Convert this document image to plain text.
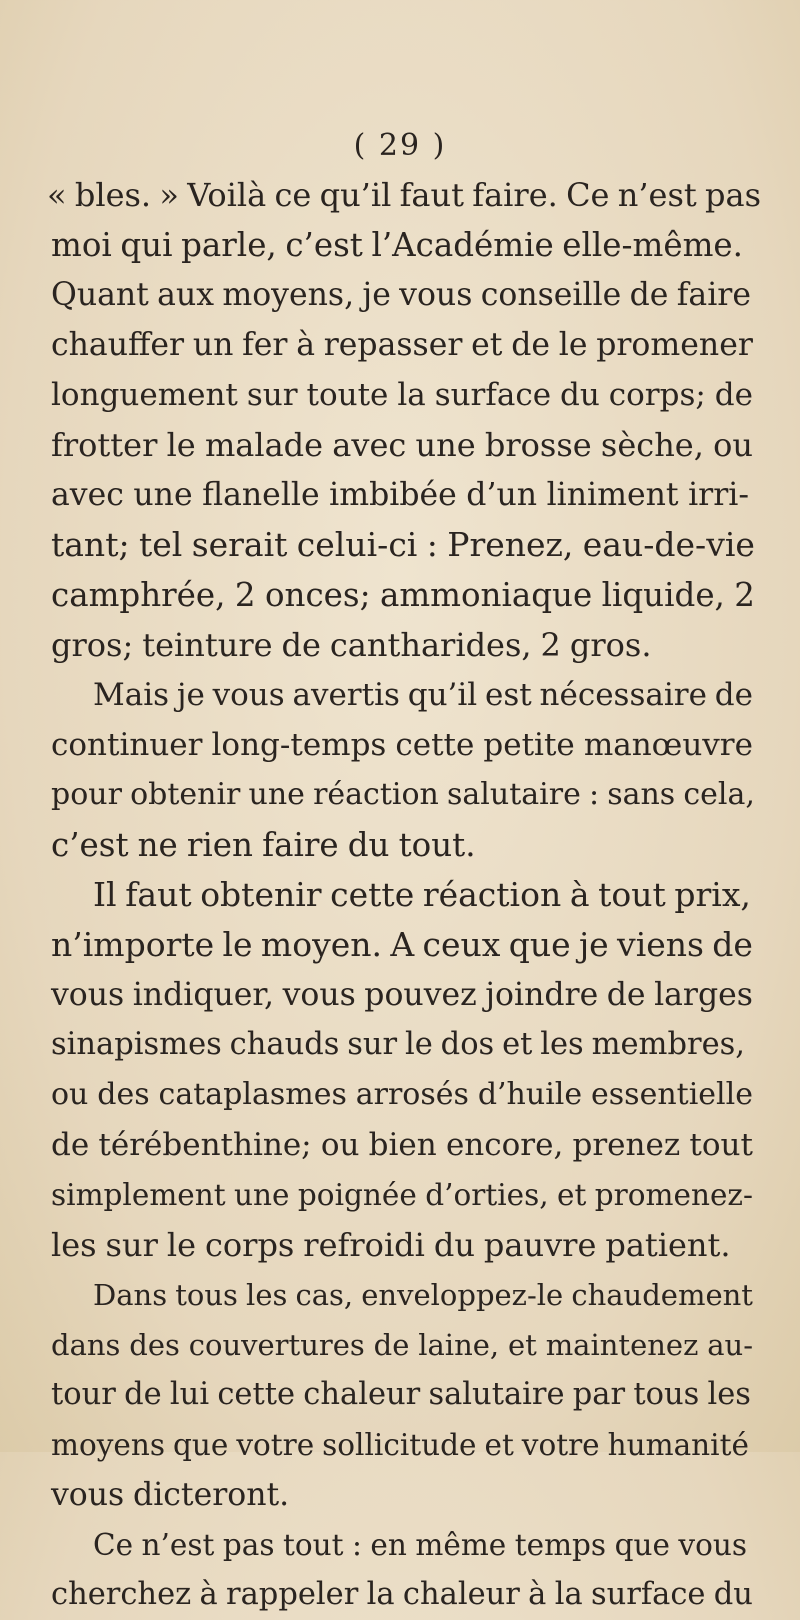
( 29 )
« bles. » Voilà ce qu’il faut faire. Ce n’est pas
moi qui parle, c’est l’Académie elle-même.
Quant aux moyens, je vous conseille de faire
chauffer un fer à repasser et de le promener
longuement sur toute la surface du corps; de
frotter le malade avec une brosse sèche, ou
avec une flanelle imbibée d’un liniment irri-
tant; tel serait celui-ci : Prenez, eau-de-vie
camphrée, 2 onces; ammoniaque liquide, 2
gros; teinture de cantharides, 2 gros.
Mais je vous avertis qu’il est nécessaire de
continuer long-temps cette petite manœuvre
pour obtenir une réaction salutaire : sans cela,
c’est ne rien faire du tout.
Il faut obtenir cette réaction à tout prix,
n’importe le moyen. A ceux que je viens de
vous indiquer, vous pouvez joindre de larges
sinapismes chauds sur le dos et les membres,
ou des cataplasmes arrosés d’huile essentielle
de térébenthine; ou bien encore, prenez tout
simplement une poignée d’orties, et promenez-
les sur le corps refroidi du pauvre patient.
Dans tous les cas, enveloppez-le chaudement
dans des couvertures de laine, et maintenez au-
tour de lui cette chaleur salutaire par tous les
moyens que votre sollicitude et votre humanité
vous dicteront.
Ce n’est pas tout : en même temps que vous
cherchez à rappeler la chaleur à la surface du
